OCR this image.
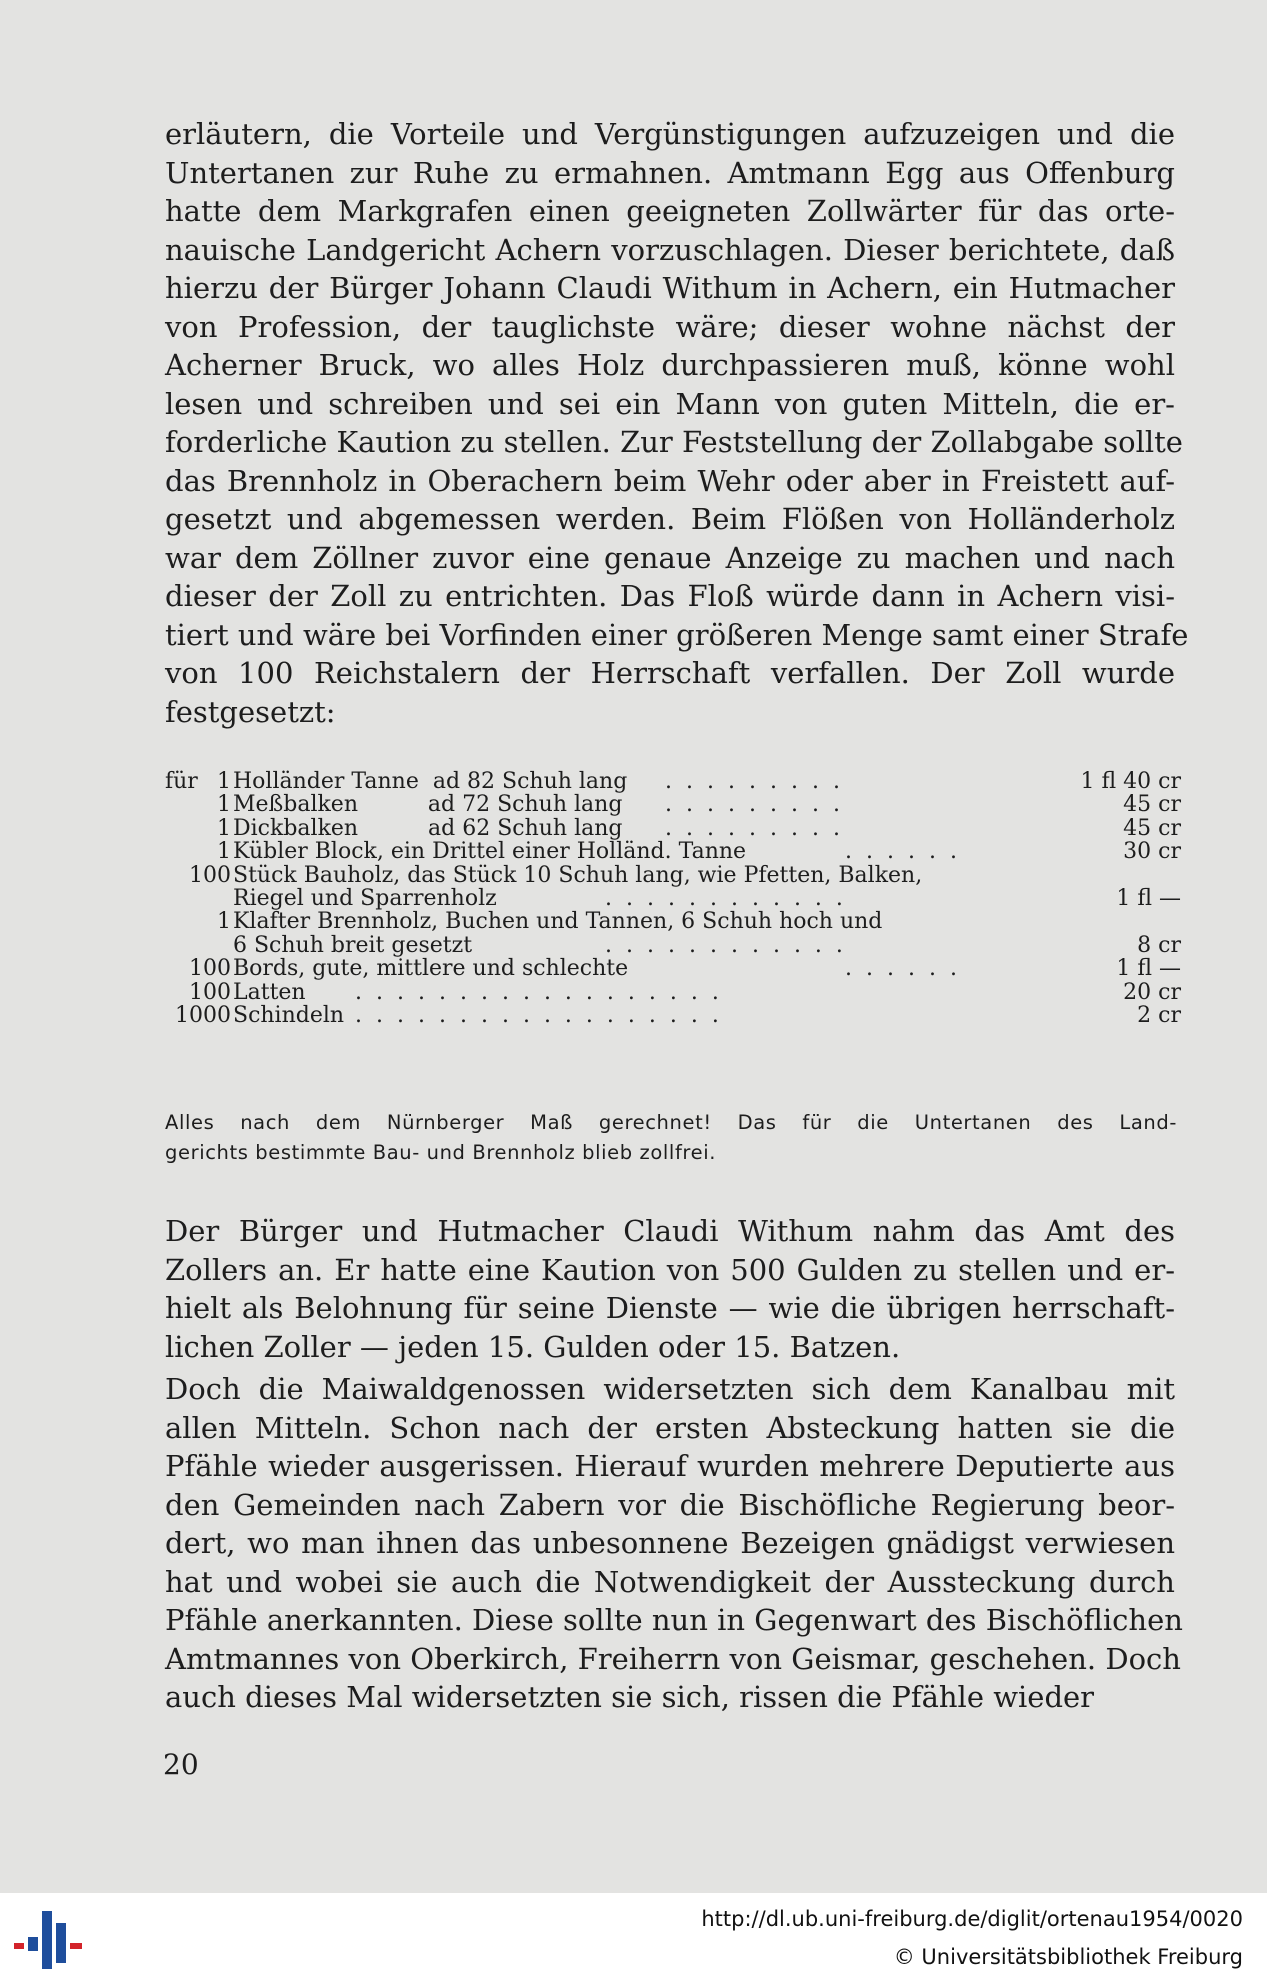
erläutern, die Vorteile und Vergünstigungen aufzuzeigen und die
Untertanen zur Ruhe zu ermahnen. Amtmann Egg aus Offenburg
hatte dem Markgrafen einen geeigneten Zollwärter für das orte-
nauische Landgericht Achern vorzuschlagen. Dieser berichtete, daß
hierzu der Bürger Johann Claudi Withum in Achern, ein Hutmacher
von Profession, der tauglichste wäre; dieser wohne nächst der
Acherner Bruck, wo alles Holz durchpassieren muß, könne wohl
lesen und schreiben und sei ein Mann von guten Mitteln, die er-
forderliche Kaution zu stellen. Zur Feststellung der Zollabgabe sollte
das Brennholz in Oberachern beim Wehr oder aber in Freistett auf-
gesetzt und abgemessen werden. Beim Flößen von Holländerholz
war dem Zöllner zuvor eine genaue Anzeige zu machen und nach
dieser der Zoll zu entrichten. Das Floß würde dann in Achern visi-
tiert und wäre bei Vorfinden einer größeren Menge samt einer Strafe
von 100 Reichstalern der Herrschaft verfallen. Der Zoll wurde
festgesetzt:
für 1 Holländer Tanne  ad 82 Schuh lang .........	1 fl 40 cr
1 Meßbalken          ad 72 Schuh lang .........	45 cr
1 Dickbalken          ad 62 Schuh lang .........	45 cr
1 Kübler Block, ein Drittel einer Holländ. Tanne	......	30 cr
100 Stück Bauholz, das Stück 10 Schuh lang, wie Pfetten, Balken,
Riegel und Sparrenholz	............	1 fl —
1 Klafter Brennholz, Buchen und Tannen, 6 Schuh hoch und
6 Schuh breit gesetzt	............	8 cr
100 Bords, gute, mittlere und schlechte	......	1 fl —
100 Latten ..................	20 cr
1000 Schindeln ..................	2 cr
Alles nach dem Nürnberger Maß gerechnet! Das für die Untertanen des Land-
gerichts bestimmte Bau- und Brennholz blieb zollfrei.
Der Bürger und Hutmacher Claudi Withum nahm das Amt des
Zollers an. Er hatte eine Kaution von 500 Gulden zu stellen und er-
hielt als Belohnung für seine Dienste — wie die übrigen herrschaft-
lichen Zoller — jeden 15. Gulden oder 15. Batzen.
Doch die Maiwaldgenossen widersetzten sich dem Kanalbau mit
allen Mitteln. Schon nach der ersten Absteckung hatten sie die
Pfähle wieder ausgerissen. Hierauf wurden mehrere Deputierte aus
den Gemeinden nach Zabern vor die Bischöfliche Regierung beor-
dert, wo man ihnen das unbesonnene Bezeigen gnädigst verwiesen
hat und wobei sie auch die Notwendigkeit der Aussteckung durch
Pfähle anerkannten. Diese sollte nun in Gegenwart des Bischöflichen
Amtmannes von Oberkirch, Freiherrn von Geismar, geschehen. Doch
auch dieses Mal widersetzten sie sich, rissen die Pfähle wieder
20
http://dl.ub.uni-freiburg.de/diglit/ortenau1954/0020
© Universitätsbibliothek Freiburg
